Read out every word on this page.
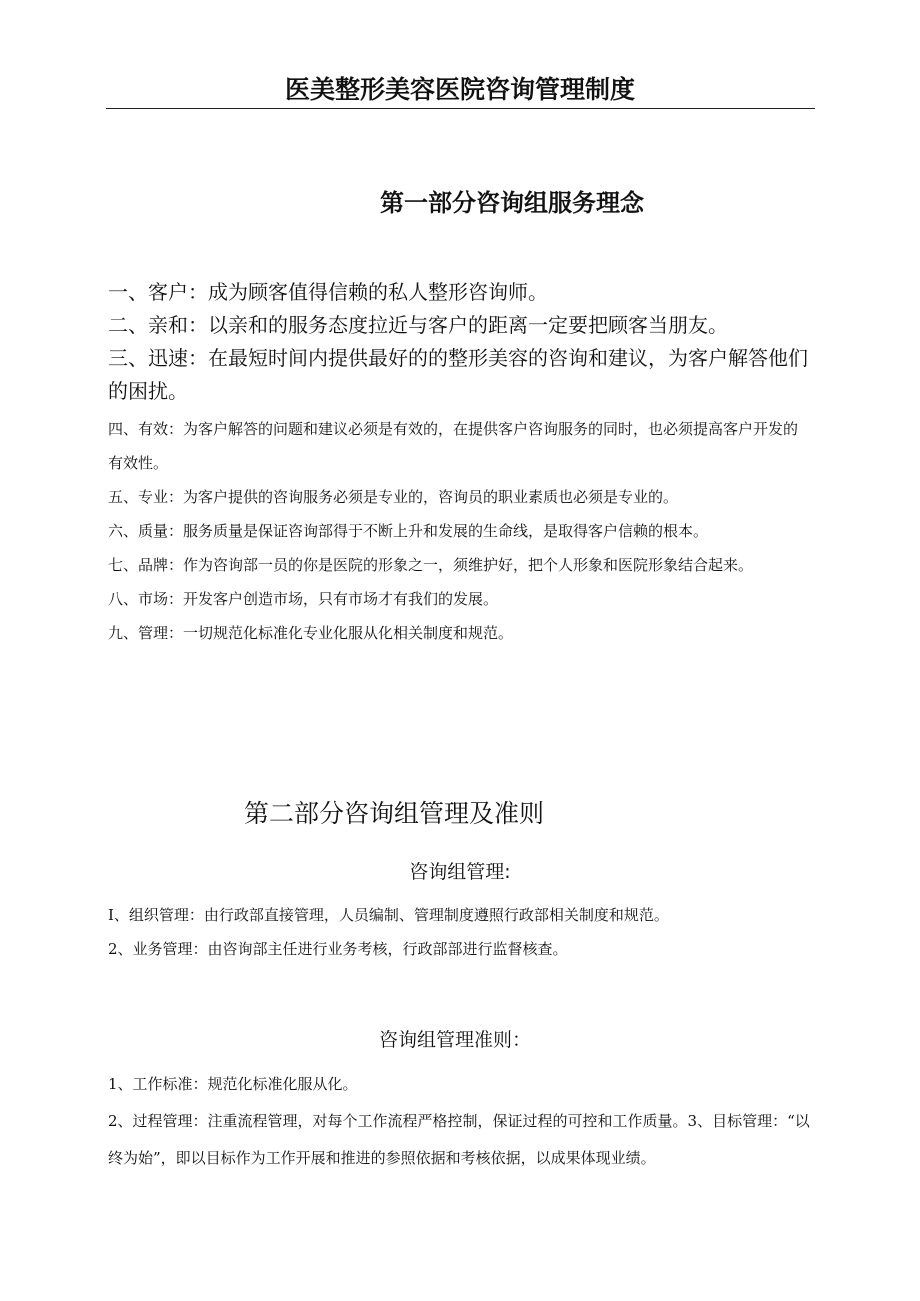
医美整形美容医院咨询管理制度
第一部分咨询组服务理念

一、客户：成为顾客值得信赖的私人整形咨询师。

二、亲和：以亲和的服务态度拉近与客户的距离一定要把顾客当朋友。

三、迅速：在最短时间内提供最好的的整形美容的咨询和建议，为客户解答他们的困扰。

四、有效：为客户解答的问题和建议必须是有效的，在提供客户咨询服务的同时，也必须提高客户开发的有效性。

五、专业：为客户提供的咨询服务必须是专业的，咨询员的职业素质也必须是专业的。

六、质量：服务质量是保证咨询部得于不断上升和发展的生命线，是取得客户信赖的根本。

七、品牌：作为咨询部一员的你是医院的形象之一，须维护好，把个人形象和医院形象结合起来。

八、市场：开发客户创造市场，只有市场才有我们的发展。

九、管理：一切规范化标准化专业化服从化相关制度和规范。

第二部分咨询组管理及准则
咨询组管理:

I、组织管理：由行政部直接管理，人员编制、管理制度遵照行政部相关制度和规范。

2、业务管理：由咨询部主任进行业务考核，行政部部进行监督核查。

咨询组管理准则：

1、工作标准：规范化标准化服从化。

2、过程管理：注重流程管理，对每个工作流程严格控制，保证过程的可控和工作质量。3、目标管理：“以终为始”，即以目标作为工作开展和推进的参照依据和考核依据，以成果体现业绩。
